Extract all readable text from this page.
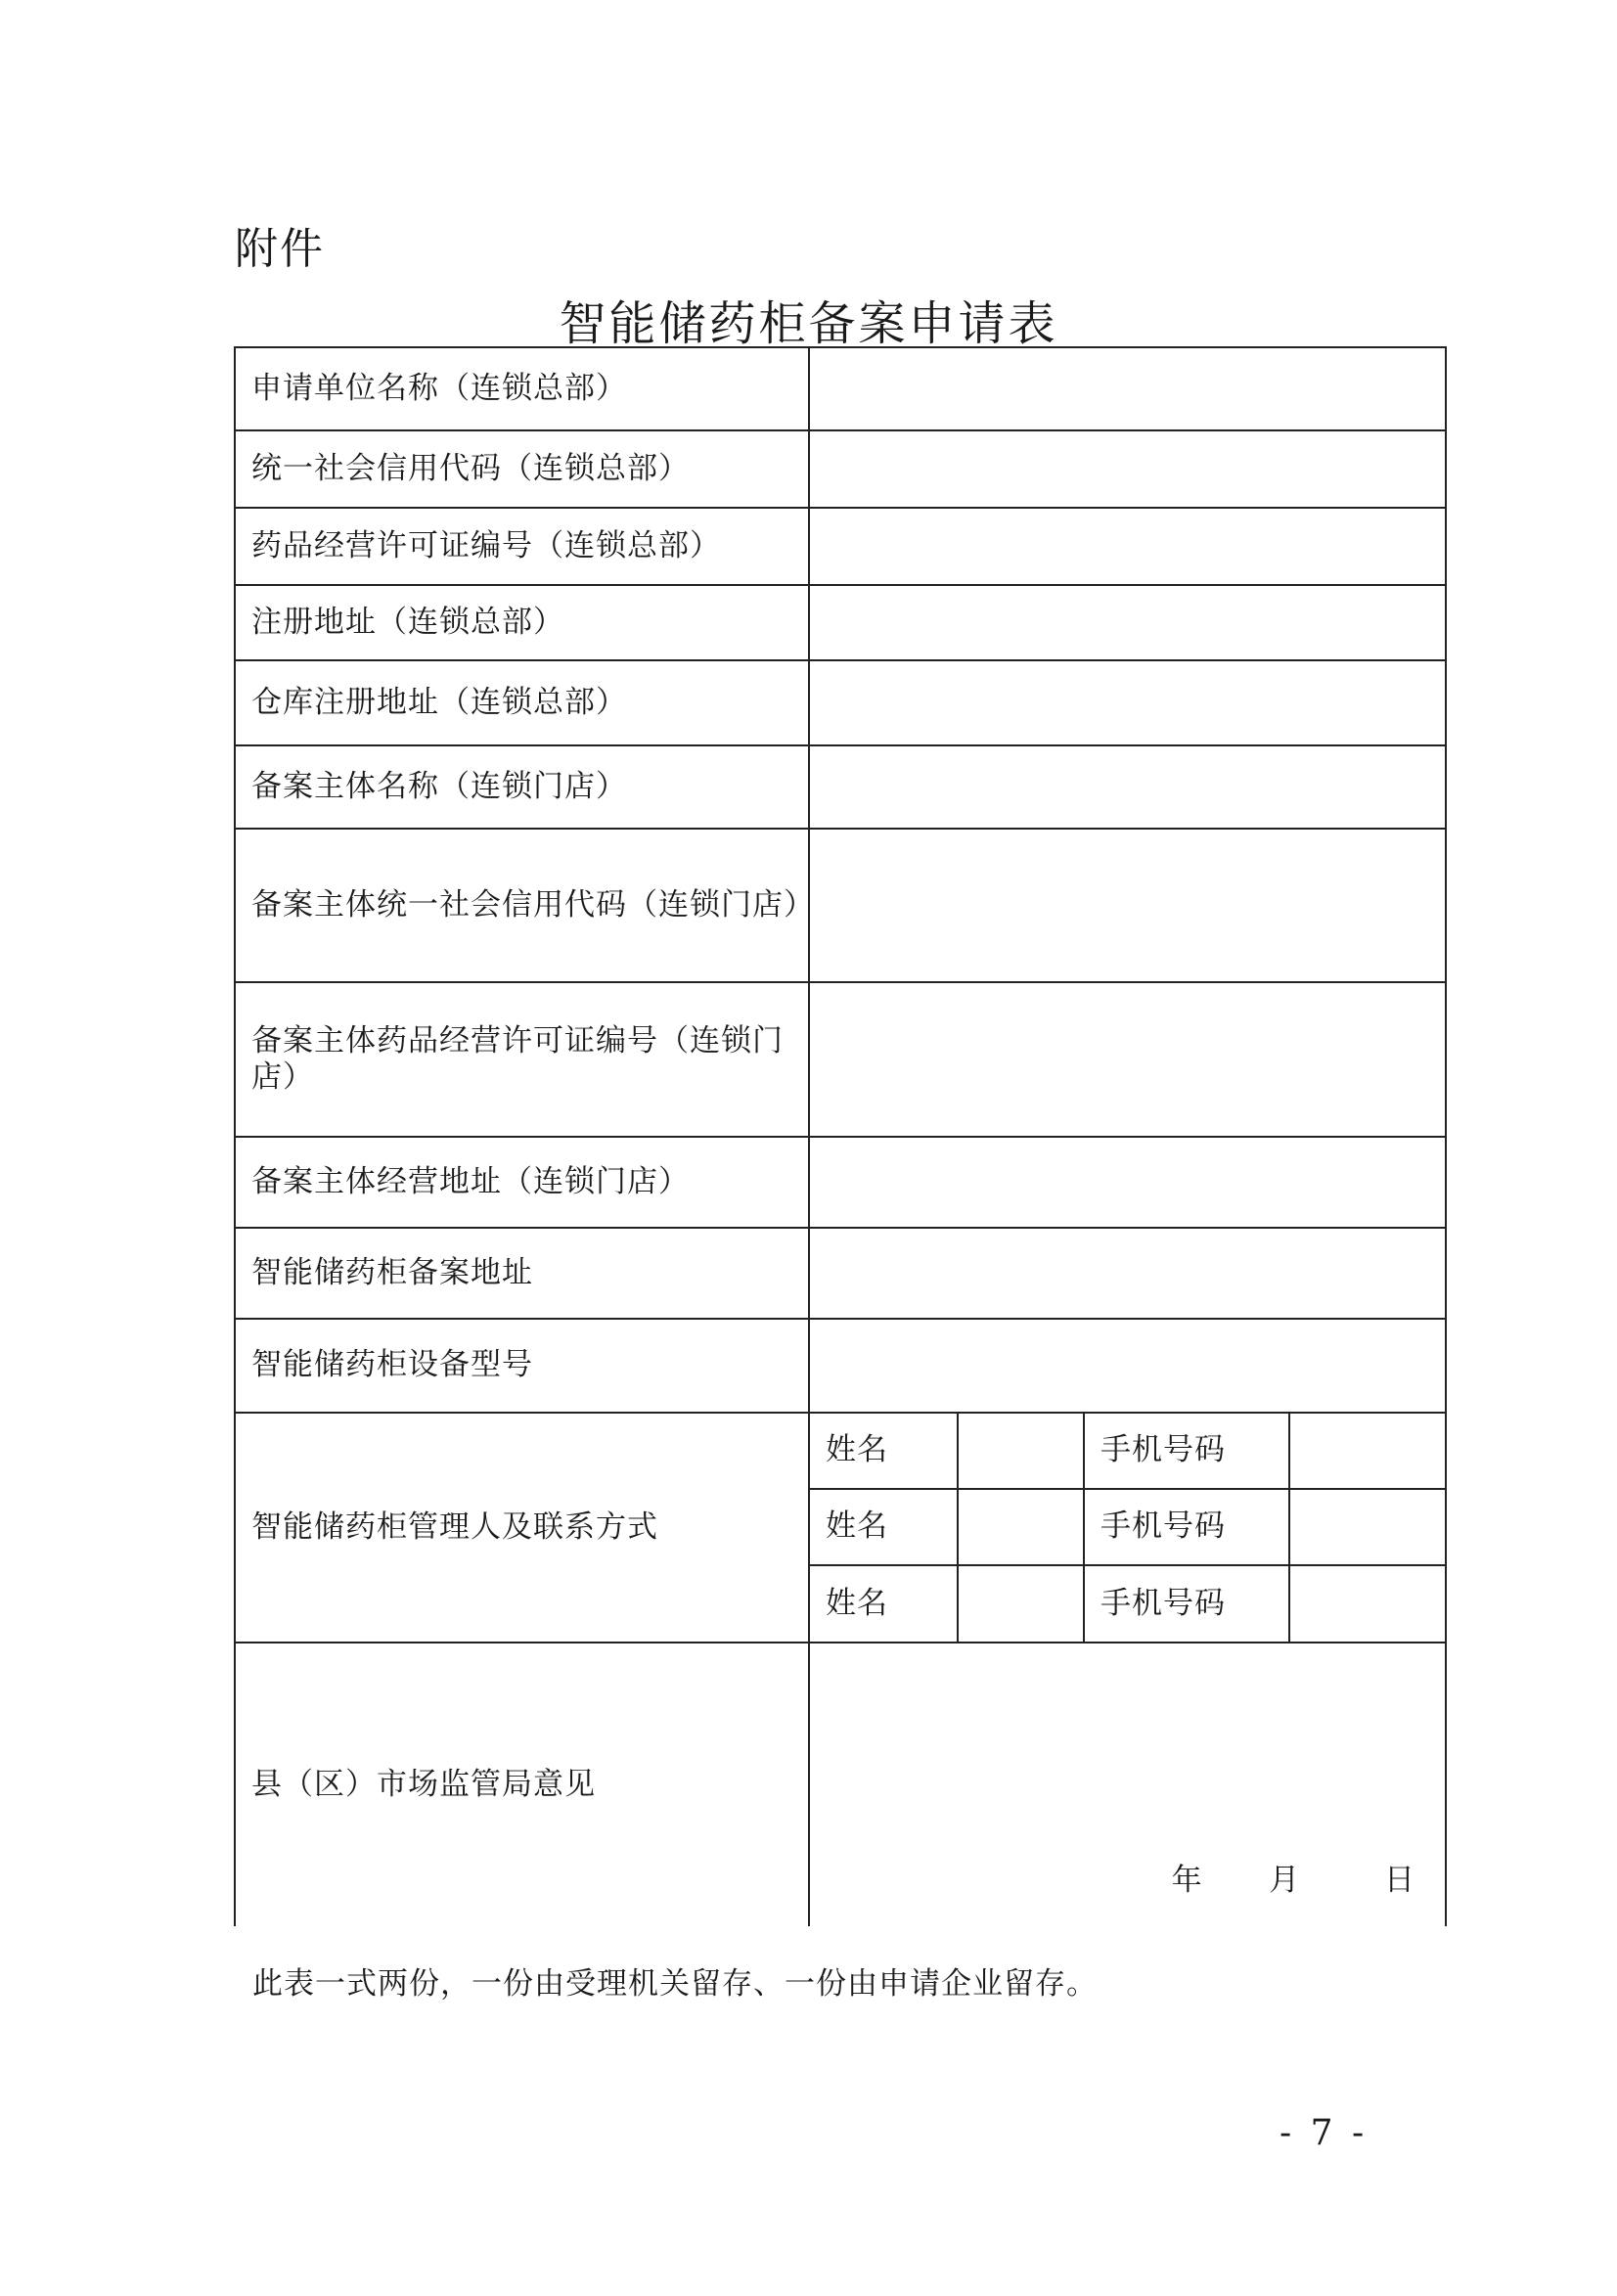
附件
智能储药柜备案申请表
申请单位名称（连锁总部）				
统一社会信用代码（连锁总部）				
药品经营许可证编号（连锁总部）				
注册地址（连锁总部）				
仓库注册地址（连锁总部）				
备案主体名称（连锁门店）				
备案主体统一社会信用代码（连锁门店）				
备案主体药品经营许可证编号（连锁门店）				
备案主体经营地址（连锁门店）				
智能储药柜备案地址				
智能储药柜设备型号				
智能储药柜管理人及联系方式	姓名		手机号码	
	姓名		手机号码	
	姓名		手机号码	
县（区）市场监管局意见	年 月 日			
此表一式两份，一份由受理机关留存、一份由申请企业留存。
- 7 -
